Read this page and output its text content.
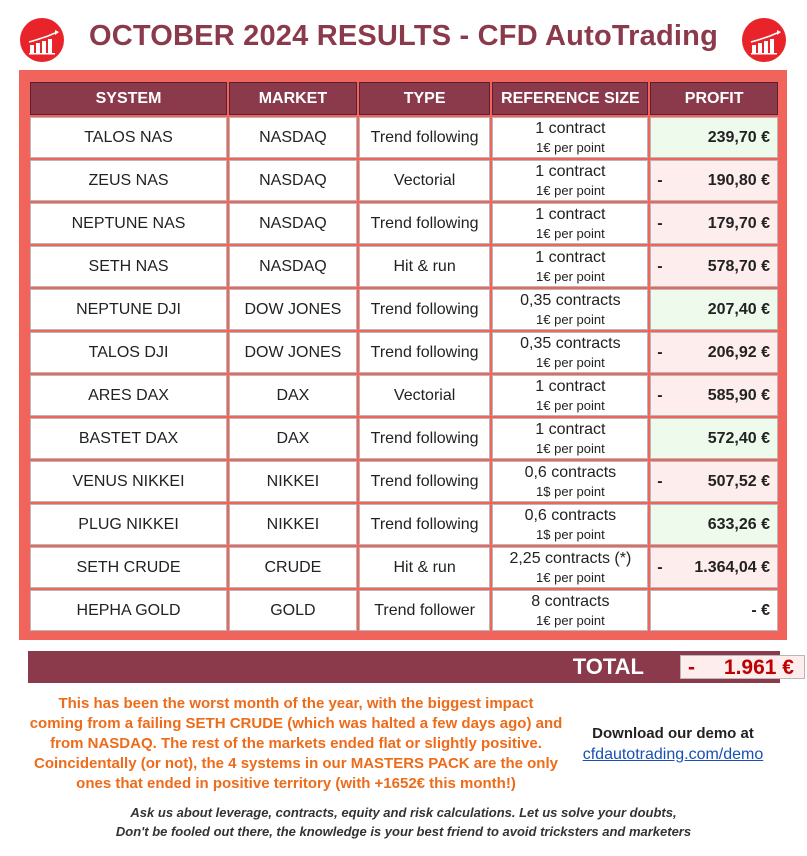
OCTOBER 2024 RESULTS - CFD AutoTrading
SYSTEM	MARKET	TYPE	REFERENCE SIZE	PROFIT
TALOS NAS	NASDAQ	Trend following	1 contract
1€ per point	239,70 €

ZEUS NAS	NASDAQ	Vectorial	1 contract
1€ per point	- 190,80 €

NEPTUNE NAS	NASDAQ	Trend following	1 contract
1€ per point	- 179,70 €

SETH NAS	NASDAQ	Hit & run	1 contract
1€ per point	- 578,70 €

NEPTUNE DJI	DOW JONES	Trend following	0,35 contracts
1€ per point	207,40 €

TALOS DJI	DOW JONES	Trend following	0,35 contracts
1€ per point	- 206,92 €

ARES DAX	DAX	Vectorial	1 contract
1€ per point	- 585,90 €

BASTET DAX	DAX	Trend following	1 contract
1€ per point	572,40 €

VENUS NIKKEI	NIKKEI	Trend following	0,6 contracts
1$ per point	- 507,52 €

PLUG NIKKEI	NIKKEI	Trend following	0,6 contracts
1$ per point	633,26 €

SETH CRUDE	CRUDE	Hit & run	2,25 contracts (*)
1€ per point	- 1.364,04 €

HEPHA GOLD	GOLD	Trend follower	8 contracts
1€ per point	- €
TOTAL - 1.961 €
This has been the worst month of the year, with the biggest impact
coming from a failing SETH CRUDE (which was halted a few days ago) and
from NASDAQ. The rest of the markets ended flat or slightly positive.
Coincidentally (or not), the 4 systems in our MASTERS PACK are the only
ones that ended in positive territory (with +1652€ this month!)
Download our demo at
cfdautotrading.com/demo
Ask us about leverage, contracts, equity and risk calculations. Let us solve your doubts,
Don't be fooled out there, the knowledge is your best friend to avoid tricksters and marketers
